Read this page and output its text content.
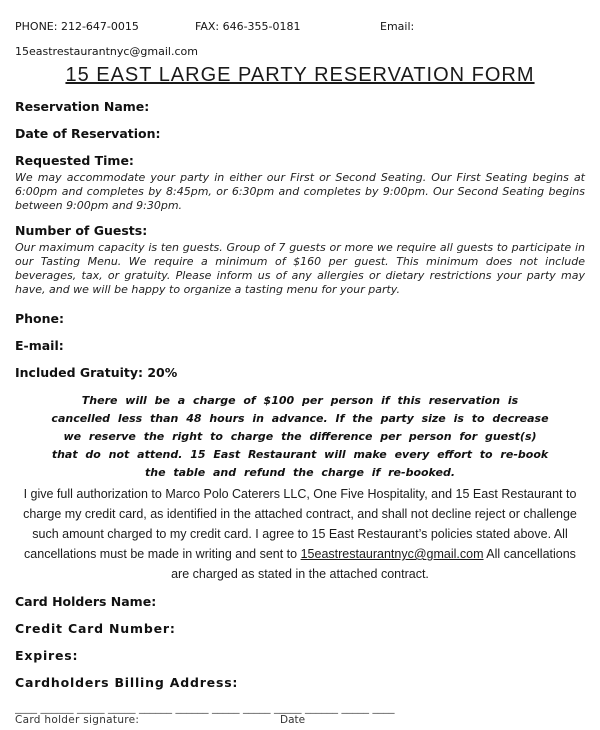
PHONE: 212-647-0015	FAX: 646-355-0181	Email:
15eastrestaurantnyc@gmail.com
15 EAST LARGE PARTY RESERVATION FORM
Reservation Name:
Date of Reservation:
Requested Time:

We may accommodate your party in either our First or Second Seating. Our First Seating begins at 6:00pm and completes by 8:45pm, or 6:30pm and completes by 9:00pm. Our Second Seating begins between 9:00pm and 9:30pm.

Number of Guests:

Our maximum capacity is ten guests. Group of 7 guests or more we require all guests to participate in our Tasting Menu. We require a minimum of $160 per guest. This minimum does not include beverages, tax, or gratuity. Please inform us of any allergies or dietary restrictions your party may have, and we will be happy to organize a tasting menu for your party.

Phone:
E-mail:
Included Gratuity: 20%

There will be a charge of $100 per person if this reservation is cancelled less than 48 hours in advance. If the party size is to decrease we reserve the right to charge the difference per person for guest(s) that do not attend. 15 East Restaurant will make every effort to re-book the table and refund the charge if re-booked.

I give full authorization to Marco Polo Caterers LLC, One Five Hospitality, and 15 East Restaurant to charge my credit card, as identified in the attached contract, and shall not decline reject or challenge such amount charged to my credit card. I agree to 15 East Restaurant’s policies stated above. All cancellations must be made in writing and sent to 15eastrestaurantnyc@gmail.com All cancellations are charged as stated in the attached contract.

Card Holders Name:
Credit Card Number:
Expires:
Cardholders Billing Address:
____ ______ _____ _____ ______ ______ _____ _____ _____ ______ _____ ____
Card holder signature:	Date
